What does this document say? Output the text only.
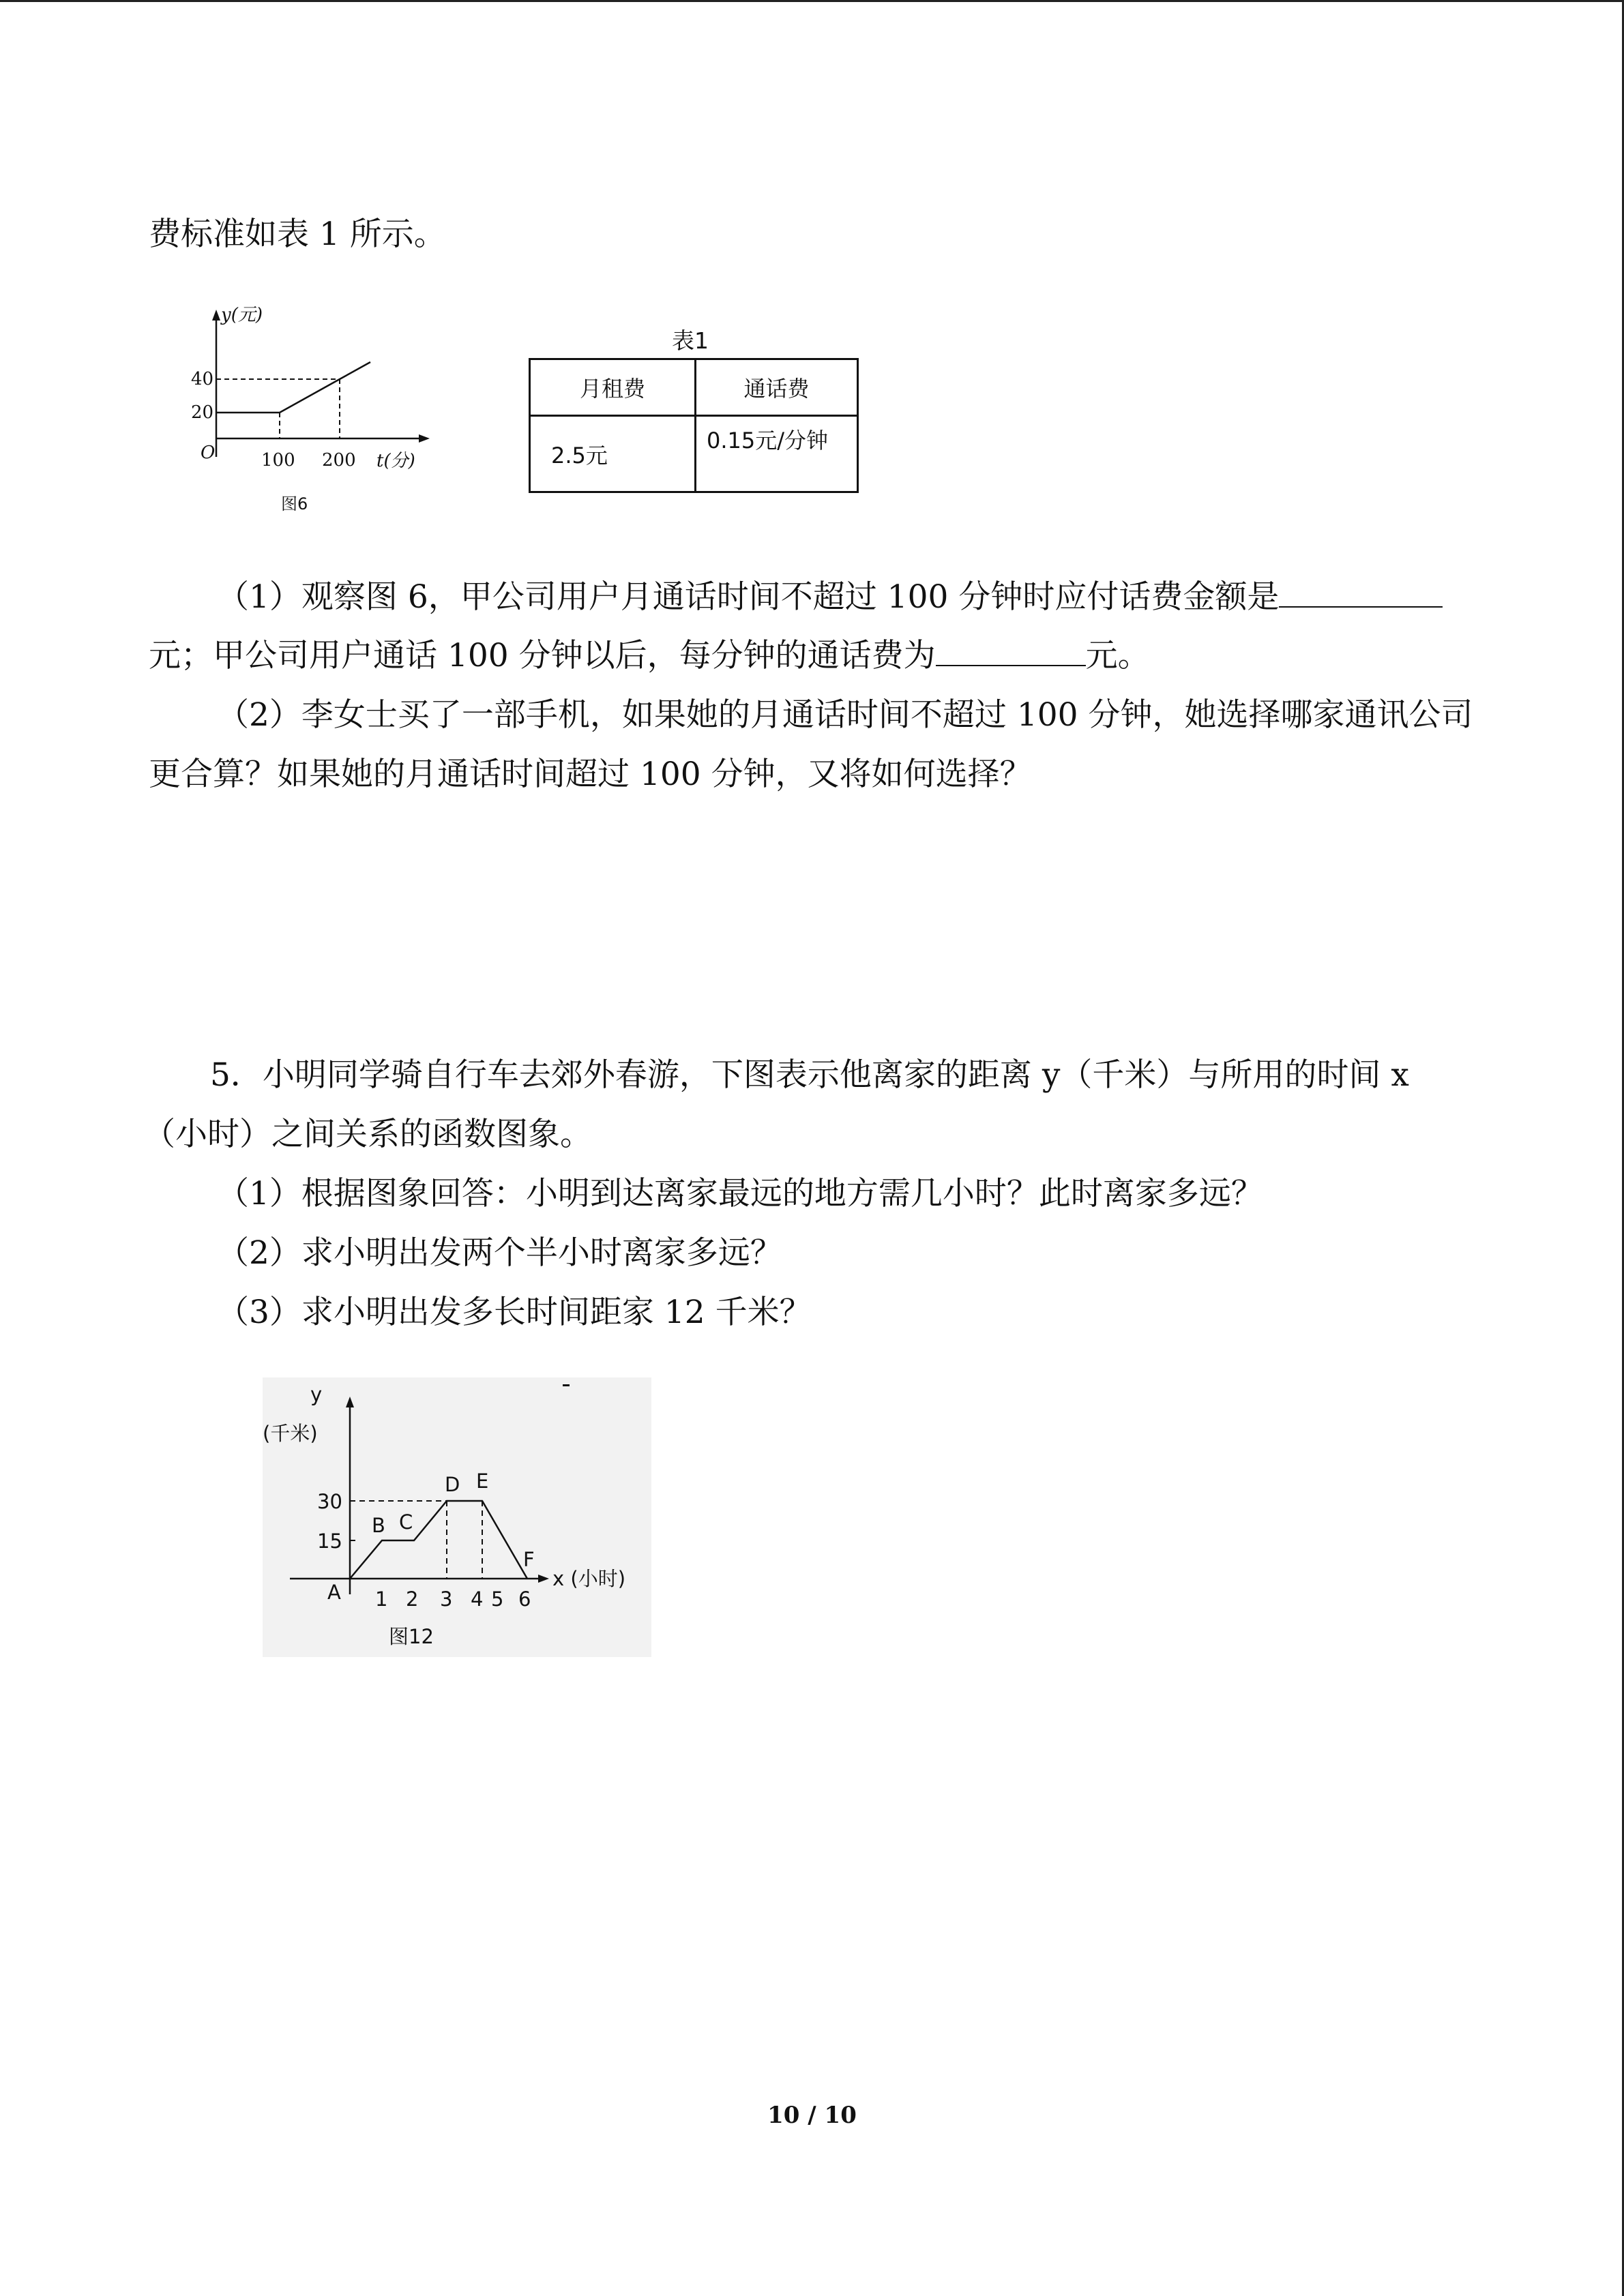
费标准如表 1 所示。
y(元)
40
20
O	100 200 t(分)
图6
表1
月租费	通话费
2.5元	0.15元/分钟
（1）观察图 6，甲公司用户月通话时间不超过 100 分钟时应付话费金额是
元；甲公司用户通话 100 分钟以后，每分钟的通话费为	元。
（2）李女士买了一部手机，如果她的月通话时间不超过 100 分钟，她选择哪家通讯公司
更合算？如果她的月通话时间超过 100 分钟，又将如何选择？
5．小明同学骑自行车去郊外春游，下图表示他离家的距离 y（千米）与所用的时间 x
（小时）之间关系的函数图象。
（1）根据图象回答：小明到达离家最远的地方需几小时？此时离家多远？
（2）求小明出发两个半小时离家多远？
（3）求小明出发多长时间距家 12 千米？
y
(千米)
30
15
A
B C
D E
F
1 2 3 4 5 6
x (小时)
图12
10 / 10
